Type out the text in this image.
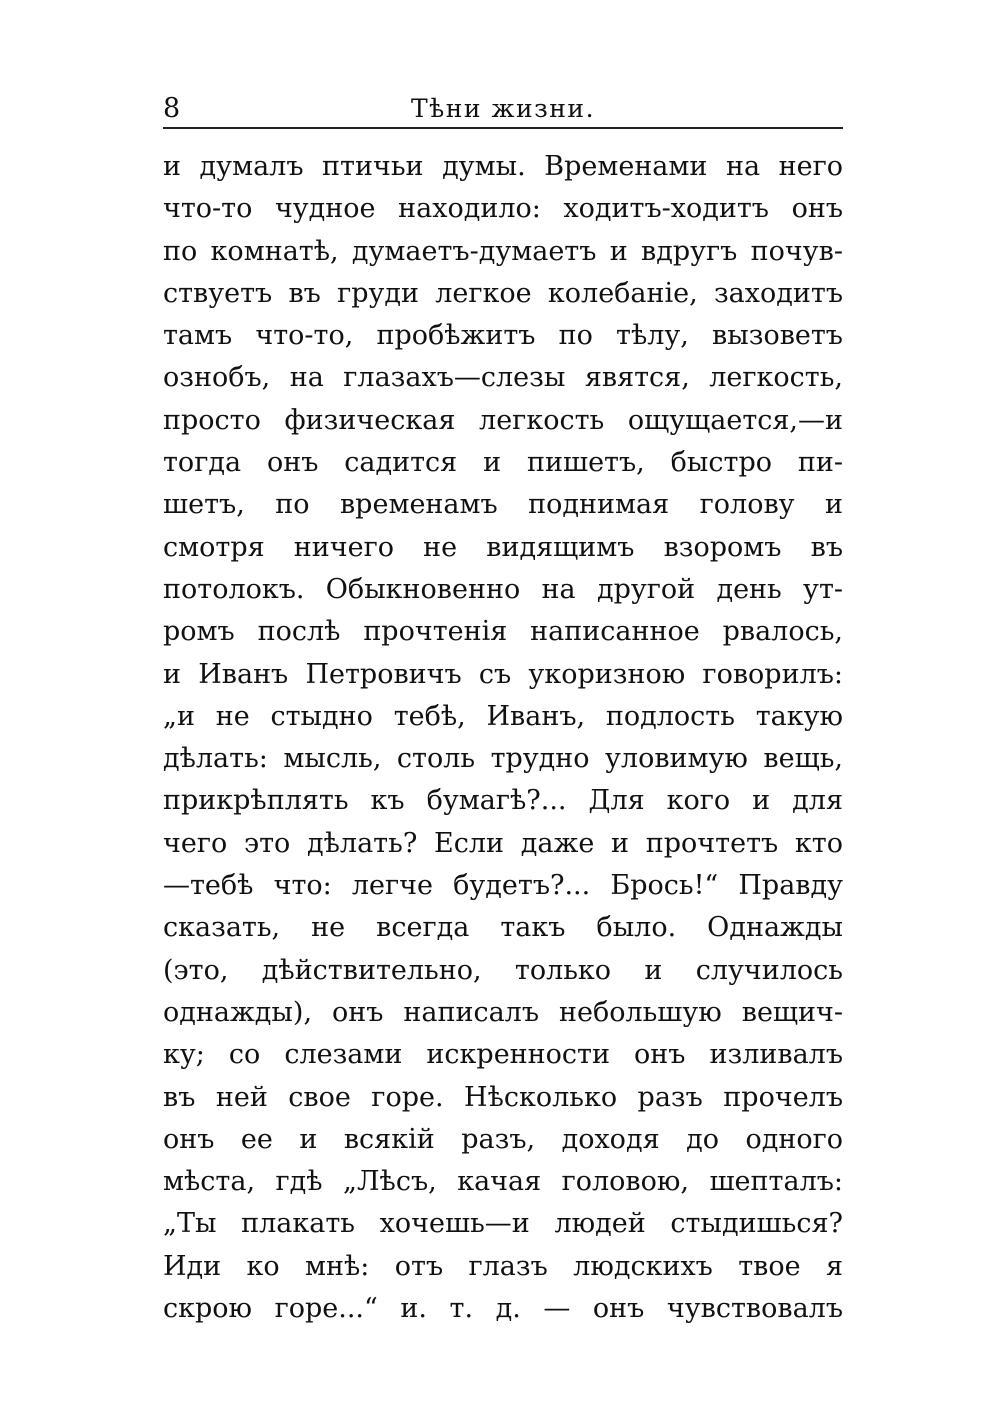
8	Тѣни жизни.
и думалъ птичьи думы. Временами на него
что-то чудное находило: ходитъ-ходитъ онъ
по комнатѣ, думаетъ-думаетъ и вдругъ почув-
ствуетъ въ груди легкое колебаніе, заходитъ
тамъ что-то, пробѣжитъ по тѣлу, вызоветъ
ознобъ, на глазахъ—слезы явятся, легкость,
просто физическая легкость ощущается,—и
тогда онъ садится и пишетъ, быстро пи-
шетъ, по временамъ поднимая голову и
смотря ничего не видящимъ взоромъ въ
потолокъ. Обыкновенно на другой день ут-
ромъ послѣ прочтенія написанное рвалось,
и Иванъ Петровичъ съ укоризною говорилъ:
„и не стыдно тебѣ, Иванъ, подлость такую
дѣлать: мысль, столь трудно уловимую вещь,
прикрѣплять къ бумагѣ?... Для кого и для
чего это дѣлать? Если даже и прочтетъ кто
—тебѣ что: легче будетъ?... Брось!“ Правду
сказать, не всегда такъ было. Однажды
(это, дѣйствительно, только и случилось
однажды), онъ написалъ небольшую вещич-
ку; со слезами искренности онъ изливалъ
въ ней свое горе. Нѣсколько разъ прочелъ
онъ ее и всякій разъ, доходя до одного
мѣста, гдѣ „Лѣсъ, качая головою, шепталъ:
„Ты плакать хочешь—и людей стыдишься?
Иди ко мнѣ: отъ глазъ людскихъ твое я
скрою горе...“ и. т. д. — онъ чувствовалъ
